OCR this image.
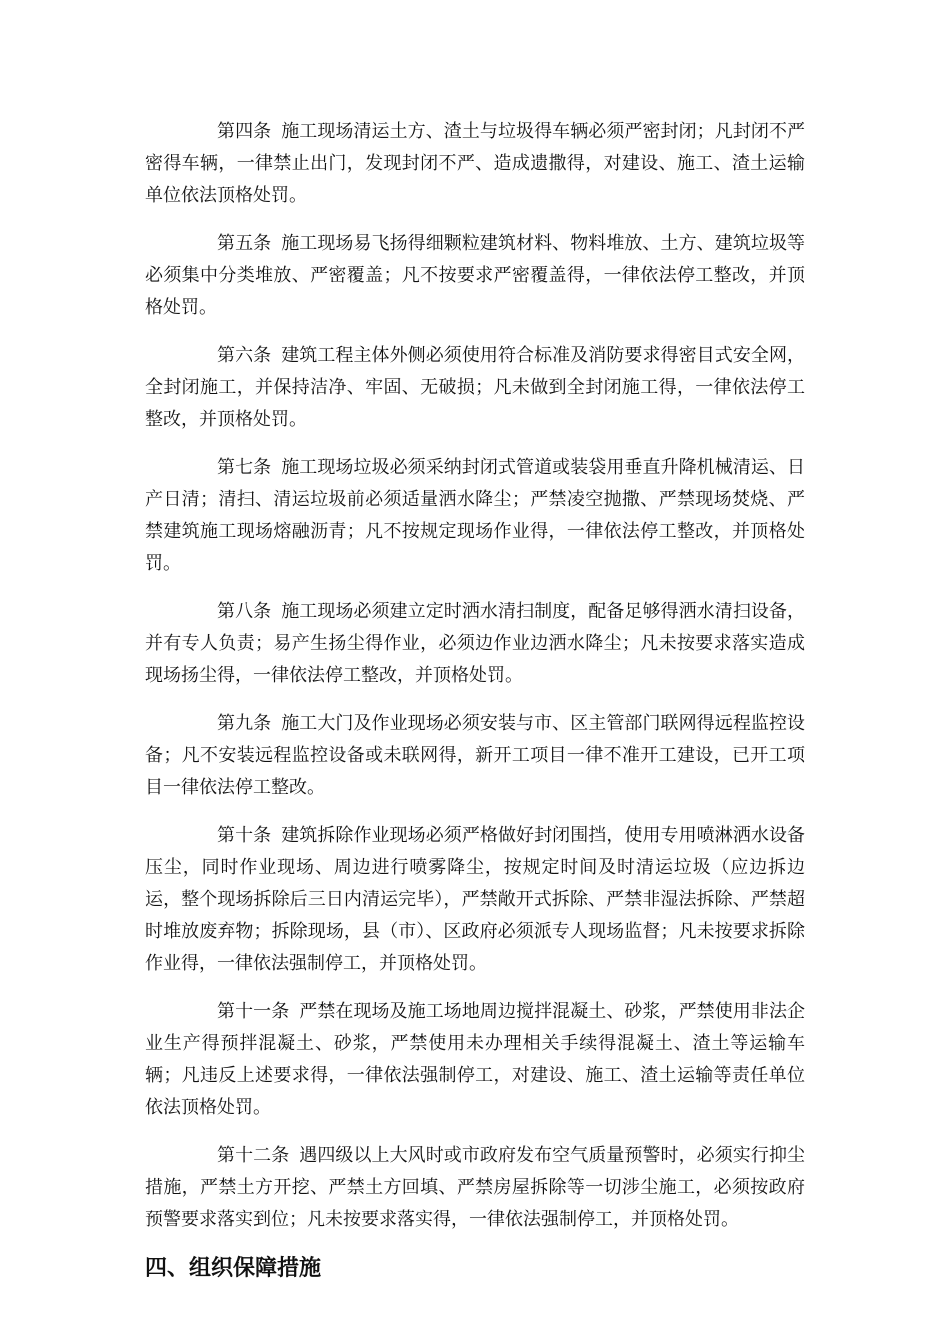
第四条 施工现场清运土方、渣土与垃圾得车辆必须严密封闭；凡封闭不严密得车辆，一律禁止出门，发现封闭不严、造成遗撒得，对建设、施工、渣土运输单位依法顶格处罚。

第五条 施工现场易飞扬得细颗粒建筑材料、物料堆放、土方、建筑垃圾等必须集中分类堆放、严密覆盖；凡不按要求严密覆盖得，一律依法停工整改，并顶格处罚。

第六条 建筑工程主体外侧必须使用符合标准及消防要求得密目式安全网，全封闭施工，并保持洁净、牢固、无破损；凡未做到全封闭施工得，一律依法停工整改，并顶格处罚。

第七条 施工现场垃圾必须采纳封闭式管道或装袋用垂直升降机械清运、日产日清；清扫、清运垃圾前必须适量洒水降尘；严禁凌空抛撒、严禁现场焚烧、严禁建筑施工现场熔融沥青；凡不按规定现场作业得，一律依法停工整改，并顶格处罚。

第八条 施工现场必须建立定时洒水清扫制度，配备足够得洒水清扫设备，并有专人负责；易产生扬尘得作业，必须边作业边洒水降尘；凡未按要求落实造成现场扬尘得，一律依法停工整改，并顶格处罚。

第九条 施工大门及作业现场必须安装与市、区主管部门联网得远程监控设备；凡不安装远程监控设备或未联网得，新开工项目一律不准开工建设，已开工项目一律依法停工整改。

第十条 建筑拆除作业现场必须严格做好封闭围挡，使用专用喷淋洒水设备压尘，同时作业现场、周边进行喷雾降尘，按规定时间及时清运垃圾（应边拆边运，整个现场拆除后三日内清运完毕），严禁敞开式拆除、严禁非湿法拆除、严禁超时堆放废弃物；拆除现场，县（市）、区政府必须派专人现场监督；凡未按要求拆除作业得，一律依法强制停工，并顶格处罚。

第十一条 严禁在现场及施工场地周边搅拌混凝土、砂浆，严禁使用非法企业生产得预拌混凝土、砂浆，严禁使用未办理相关手续得混凝土、渣土等运输车辆；凡违反上述要求得，一律依法强制停工，对建设、施工、渣土运输等责任单位依法顶格处罚。

第十二条 遇四级以上大风时或市政府发布空气质量预警时，必须实行抑尘措施，严禁土方开挖、严禁土方回填、严禁房屋拆除等一切涉尘施工，必须按政府预警要求落实到位；凡未按要求落实得，一律依法强制停工，并顶格处罚。

四、组织保障措施
